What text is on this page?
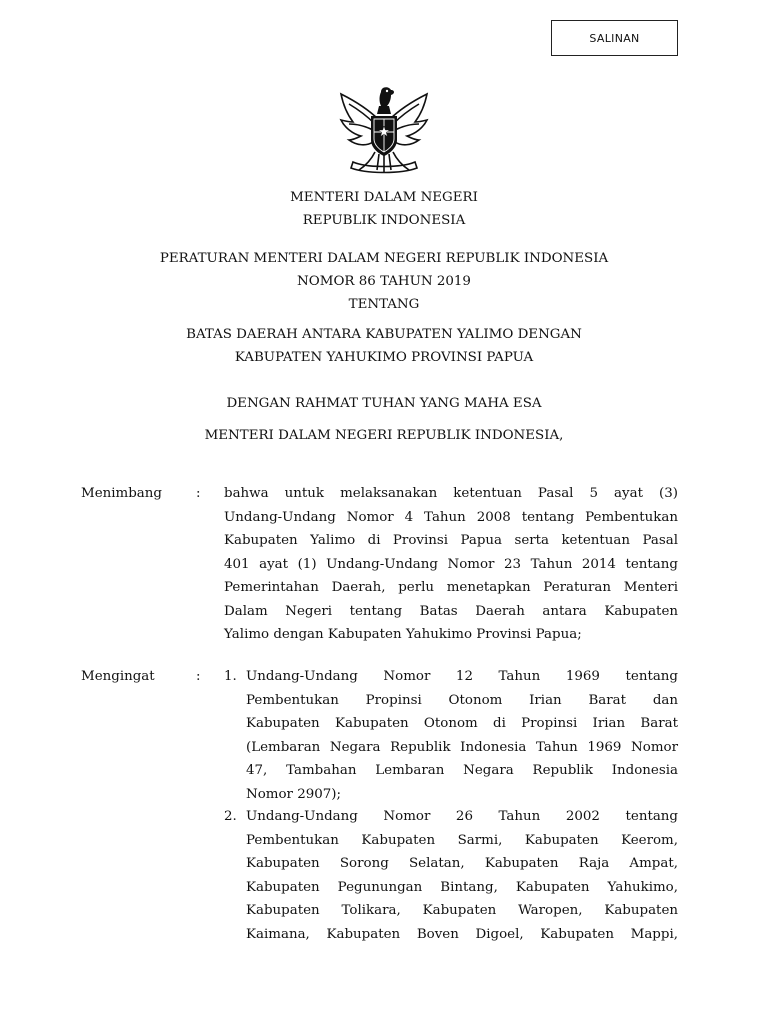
SALINAN
MENTERI DALAM NEGERI
REPUBLIK INDONESIA
PERATURAN MENTERI DALAM NEGERI REPUBLIK INDONESIA
NOMOR 86 TAHUN 2019
TENTANG
BATAS DAERAH ANTARA KABUPATEN YALIMO DENGAN
KABUPATEN YAHUKIMO PROVINSI PAPUA
DENGAN RAHMAT TUHAN YANG MAHA ESA
MENTERI DALAM NEGERI REPUBLIK INDONESIA,
Menimbang	: bahwa untuk melaksanakan ketentuan Pasal 5 ayat (3)
Undang-Undang Nomor 4 Tahun 2008 tentang Pembentukan
Kabupaten Yalimo di Provinsi Papua serta ketentuan Pasal
401 ayat (1) Undang-Undang Nomor 23 Tahun 2014 tentang
Pemerintahan Daerah, perlu menetapkan Peraturan Menteri
Dalam Negeri tentang Batas Daerah antara Kabupaten
Yalimo dengan Kabupaten Yahukimo Provinsi Papua;
Mengingat	: 1. Undang-Undang Nomor 12 Tahun 1969 tentang
Pembentukan Propinsi Otonom Irian Barat dan
Kabupaten Kabupaten Otonom di Propinsi Irian Barat
(Lembaran Negara Republik Indonesia Tahun 1969 Nomor
47, Tambahan Lembaran Negara Republik Indonesia
Nomor 2907);
2. Undang-Undang Nomor 26 Tahun 2002 tentang
Pembentukan Kabupaten Sarmi, Kabupaten Keerom,
Kabupaten Sorong Selatan, Kabupaten Raja Ampat,
Kabupaten Pegunungan Bintang, Kabupaten Yahukimo,
Kabupaten Tolikara, Kabupaten Waropen, Kabupaten
Kaimana, Kabupaten Boven Digoel, Kabupaten Mappi,
